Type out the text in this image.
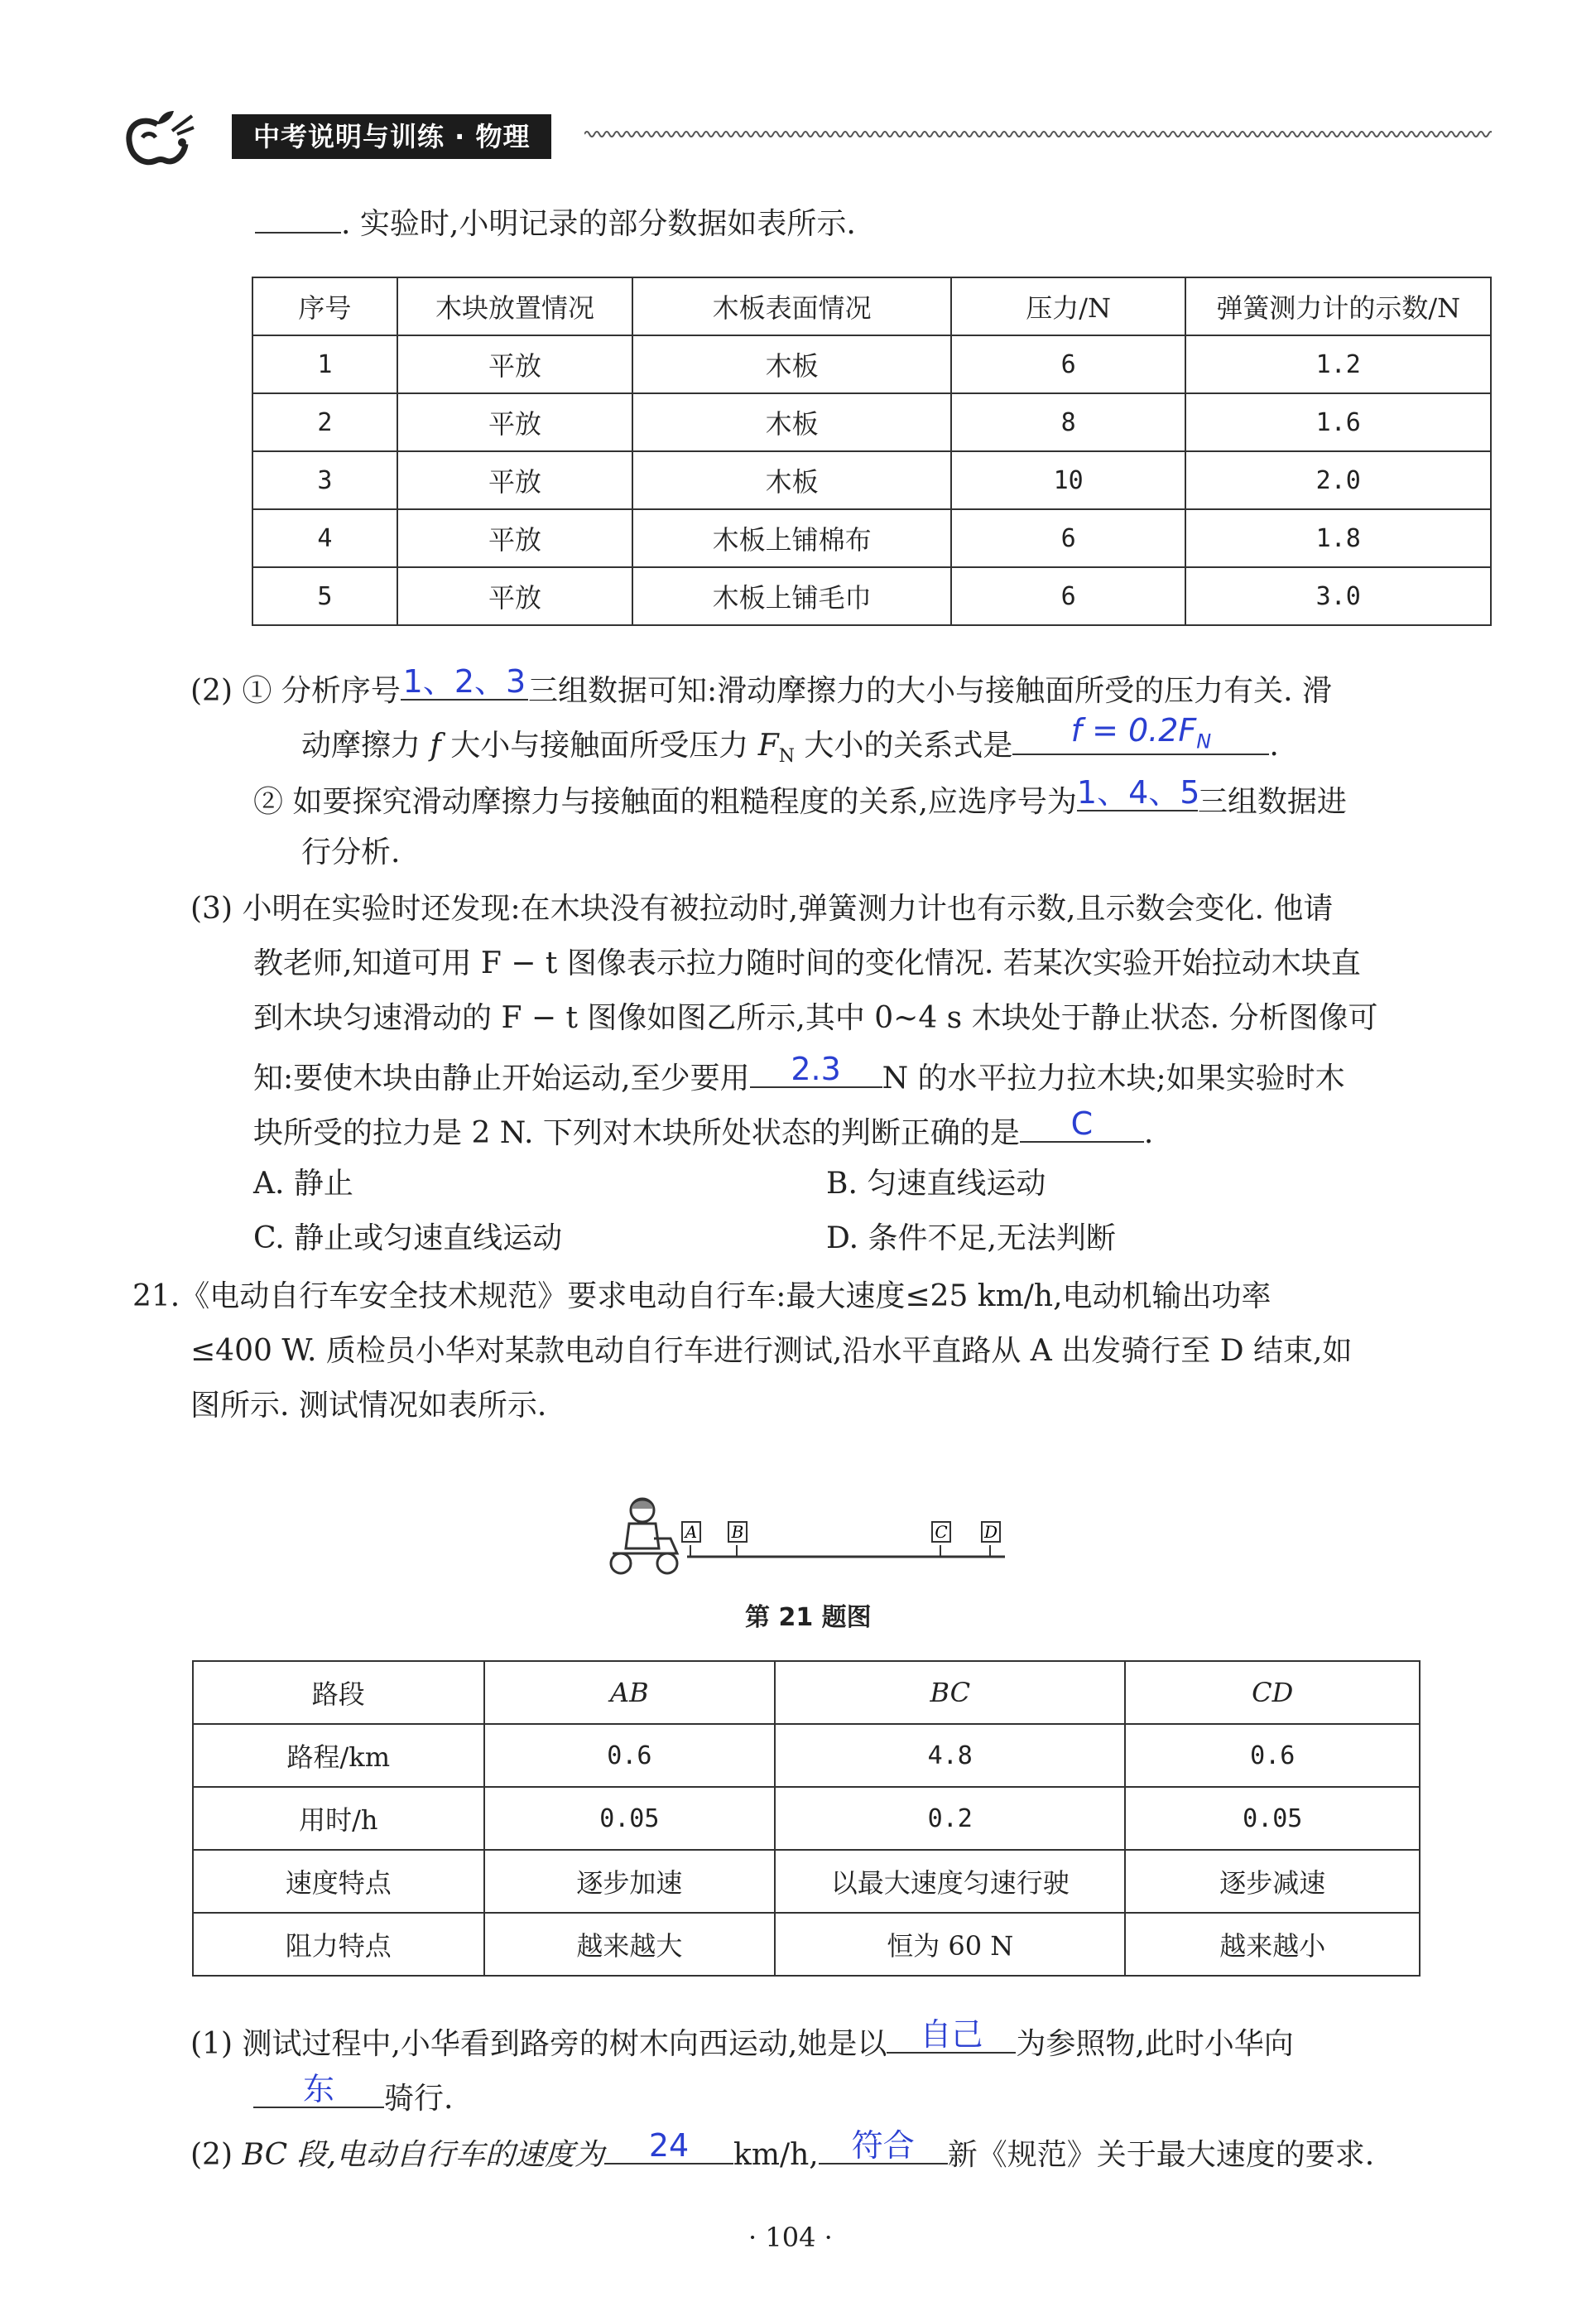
中考说明与训练 · 物理
. 实验时,小明记录的部分数据如表所示.
序号	木块放置情况	木板表面情况	压力/N	弹簧测力计的示数/N
1	平放	木板	6	1.2
2	平放	木板	8	1.6
3	平放	木板	10	2.0
4	平放	木板上铺棉布	6	1.8
5	平放	木板上铺毛巾	6	3.0
(2) ① 分析序号 1、2、3 三组数据可知:滑动摩擦力的大小与接触面所受的压力有关. 滑
动摩擦力 f 大小与接触面所受压力 $F_N$ 大小的关系式是	$f = 0.2F_N$	.
② 如要探究滑动摩擦力与接触面的粗糙程度的关系,应选序号为 1、4、5
三组数据进
行分析.
(3) 小明在实验时还发现:在木块没有被拉动时,弹簧测力计也有示数,且示数会变化. 他请
教老师,知道可用 F − t 图像表示拉力随时间的变化情况. 若某次实验开始拉动木块直
到木块匀速滑动的 F − t 图像如图乙所示,其中 0∼4 s 木块处于静止状态. 分析图像可
知:要使木块由静止开始运动,至少要用	2.3	N 的水平拉力拉木块;如果实验时木
块所受的拉力是 2 N. 下列对木块所处状态的判断正确的是	C	.
A. 静止	B. 匀速直线运动
C. 静止或匀速直线运动	D. 条件不足,无法判断
21.《电动自行车安全技术规范》要求电动自行车:最大速度≤25 km/h,电动机输出功率
≤400 W. 质检员小华对某款电动自行车进行测试,沿水平直路从 A 出发骑行至 D 结束,如
图所示. 测试情况如表所示.
A B	C D
第 21 题图
路段	AB	BC	CD
路程/km	0.6	4.8	0.6
用时/h	0.05	0.2	0.05
速度特点	逐步加速	以最大速度匀速行驶	逐步减速
阻力特点	越来越大	恒为 60 N	越来越小
(1) 测试过程中,小华看到路旁的树木向西运动,她是以	自己	为参照物,此时小华向
东	骑行.
(2) BC 段,电动自行车的速度为	24	km/h,	符合	新《规范》关于最大速度的要求.
· 104 ·
